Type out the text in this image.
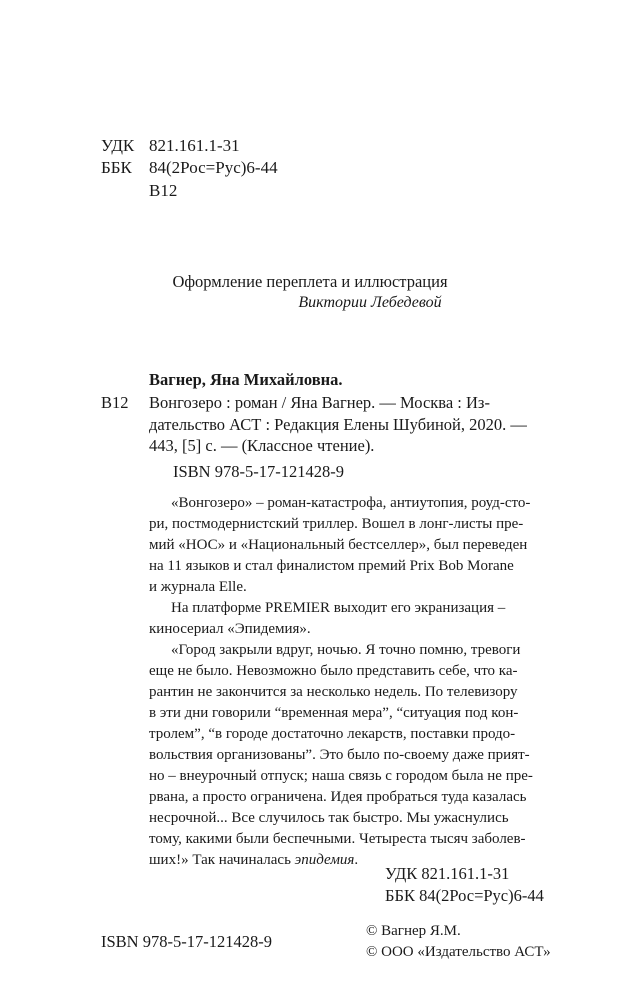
УДК 821.161.1-31
ББК 84(2Рос=Рус)6-44
В12
Оформление переплета и иллюстрация
Виктории Лебедевой
Вагнер, Яна Михайловна.
В12 Вонгозеро : роман / Яна Вагнер. — Москва : Из-
дательство АСТ : Редакция Елены Шубиной, 2020. —
443, [5] с. — (Классное чтение).
ISBN 978-5-17-121428-9
«Вонгозеро» – роман-катастрофа, антиутопия, роуд-сто-
ри, постмодернистский триллер. Вошел в лонг-листы пре-
мий «НОС» и «Национальный бестселлер», был переведен
на 11 языков и стал финалистом премий Prix Bob Morane
и журнала Elle.
На платформе PREMIER выходит его экранизация –
киносериал «Эпидемия».
«Город закрыли вдруг, ночью. Я точно помню, тревоги
еще не было. Невозможно было представить себе, что ка-
рантин не закончится за несколько недель. По телевизору
в эти дни говорили “временная мера”, “ситуация под кон-
тролем”, “в городе достаточно лекарств, поставки продо-
вольствия организованы”. Это было по-своему даже прият-
но – внеурочный отпуск; наша связь с городом была не пре-
рвана, а просто ограничена. Идея пробраться туда казалась
несрочной... Все случилось так быстро. Мы ужаснулись
тому, какими были беспечными. Четыреста тысяч заболев-
ших!» Так начиналась эпидемия.
УДК 821.161.1-31
ББК 84(2Рос=Рус)6-44
ISBN 978-5-17-121428-9
© Вагнер Я.М.
© ООО «Издательство АСТ»
